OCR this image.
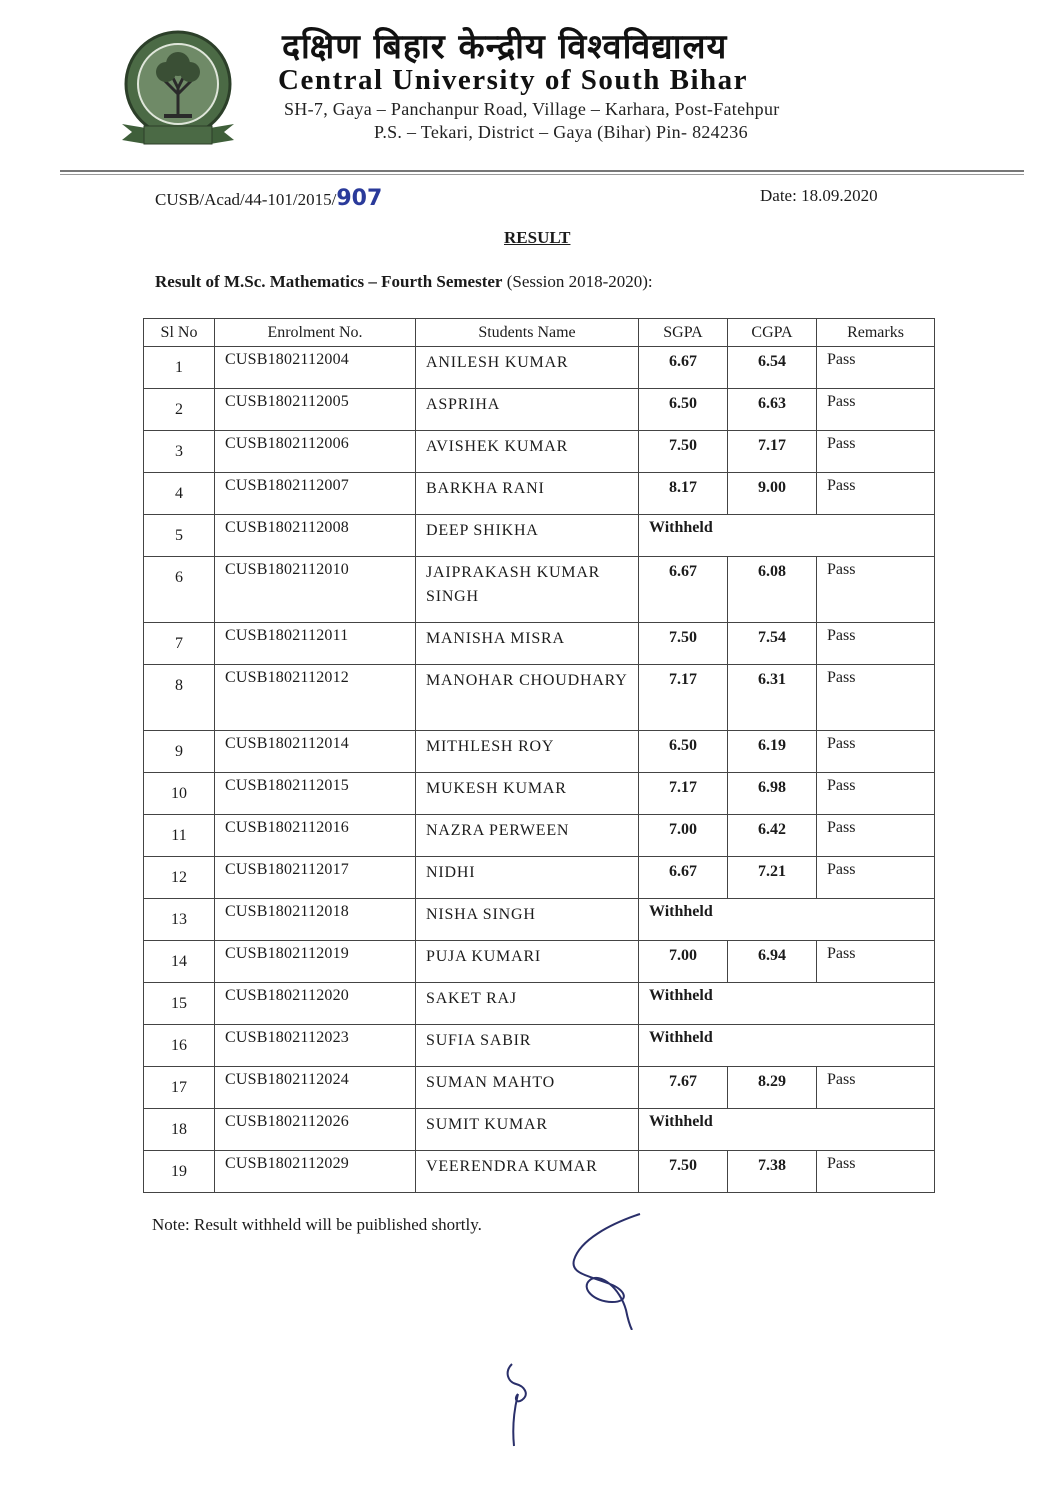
दक्षिण बिहार केन्द्रीय विश्वविद्यालय
Central University of South Bihar
SH-7, Gaya – Panchanpur Road, Village – Karhara, Post-Fatehpur
P.S. – Tekari, District – Gaya (Bihar) Pin- 824236
CUSB/Acad/44-101/2015/907	Date: 18.09.2020
RESULT
Result of M.Sc. Mathematics – Fourth Semester (Session 2018-2020):
Sl No	Enrolment No.	Students Name	SGPA	CGPA	Remarks
1	CUSB1802112004	ANILESH KUMAR	6.67	6.54	Pass
2	CUSB1802112005	ASPRIHA	6.50	6.63	Pass
3	CUSB1802112006	AVISHEK KUMAR	7.50	7.17	Pass
4	CUSB1802112007	BARKHA RANI	8.17	9.00	Pass
5	CUSB1802112008	DEEP SHIKHA	Withheld		
6	CUSB1802112010	JAIPRAKASH KUMAR SINGH	6.67	6.08	Pass
7	CUSB1802112011	MANISHA MISRA	7.50	7.54	Pass
8	CUSB1802112012	MANOHAR CHOUDHARY	7.17	6.31	Pass
9	CUSB1802112014	MITHLESH ROY	6.50	6.19	Pass
10	CUSB1802112015	MUKESH KUMAR	7.17	6.98	Pass
11	CUSB1802112016	NAZRA PERWEEN	7.00	6.42	Pass
12	CUSB1802112017	NIDHI	6.67	7.21	Pass
13	CUSB1802112018	NISHA SINGH	Withheld		
14	CUSB1802112019	PUJA KUMARI	7.00	6.94	Pass
15	CUSB1802112020	SAKET RAJ	Withheld		
16	CUSB1802112023	SUFIA SABIR	Withheld		
17	CUSB1802112024	SUMAN MAHTO	7.67	8.29	Pass
18	CUSB1802112026	SUMIT KUMAR	Withheld		
19	CUSB1802112029	VEERENDRA KUMAR	7.50	7.38	Pass
Note: Result withheld will be puiblished shortly.
